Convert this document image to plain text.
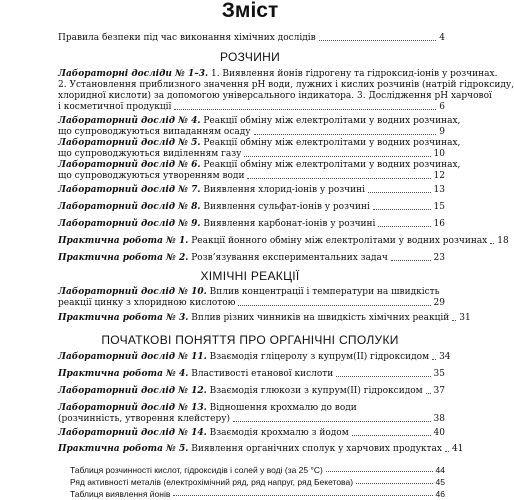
Зміст
Правила безпеки під час виконання хімічних дослідів	4
РОЗЧИНИ
Лабораторні досліди № 1–3. 1. Виявлення йонів гідрогену та гідроксид-іонів у розчинах.
2. Установлення приблизного значення pH води, лужних і кислих розчинів (натрій гідроксиду,
хлоридної кислоти) за допомогою універсального індикатора. 3. Дослідження pH харчової
і косметичної продукції	6
Лабораторний дослід № 4. Реакції обміну між електролітами у водних розчинах,
що супроводжуються випаданням осаду	9
Лабораторний дослід № 5. Реакції обміну між електролітами у водних розчинах,
що супроводжуються виділенням газу	10
Лабораторний дослід № 6. Реакції обміну між електролітами у водних розчинах,
що супроводжуються утворенням води	12
Лабораторний дослід № 7. Виявлення хлорид-іонів у розчині	13
Лабораторний дослід № 8. Виявлення сульфат-іонів у розчині	15
Лабораторний дослід № 9. Виявлення карбонат-іонів у розчині	16
Практична робота № 1. Реакції йонного обміну між електролітами у водних розчинах 18
Практична робота № 2. Розв’язування експериментальних задач	23
ХІМІЧНІ РЕАКЦІЇ
Лабораторний дослід № 10. Вплив концентрації і температури на швидкість
реакції цинку з хлоридною кислотою	29
Практична робота № 3. Вплив різних чинників на швидкість хімічних реакцій 31
ПОЧАТКОВІ ПОНЯТТЯ ПРО ОРГАНІЧНІ СПОЛУКИ
Лабораторний дослід № 11. Взаємодія гліцеролу з купрум(II) гідроксидом 34
Практична робота № 4. Властивості етанової кислоти	35
Лабораторний дослід № 12. Взаємодія глюкози з купрум(II) гідроксидом 37
Лабораторний дослід № 13. Відношення крохмалю до води
(розчинність, утворення клейстеру)	38
Лабораторний дослід № 14. Взаємодія крохмалю з йодом	40
Практична робота № 5. Виявлення органічних сполук у харчових продуктах 41
Таблиця розчинності кислот, гідроксидів і солей у воді (за 25 °С)	44
Ряд активності металів (електрохімічний ряд, ряд напруг, ряд Бекетова)	45
Таблиця виявлення йонів	46
